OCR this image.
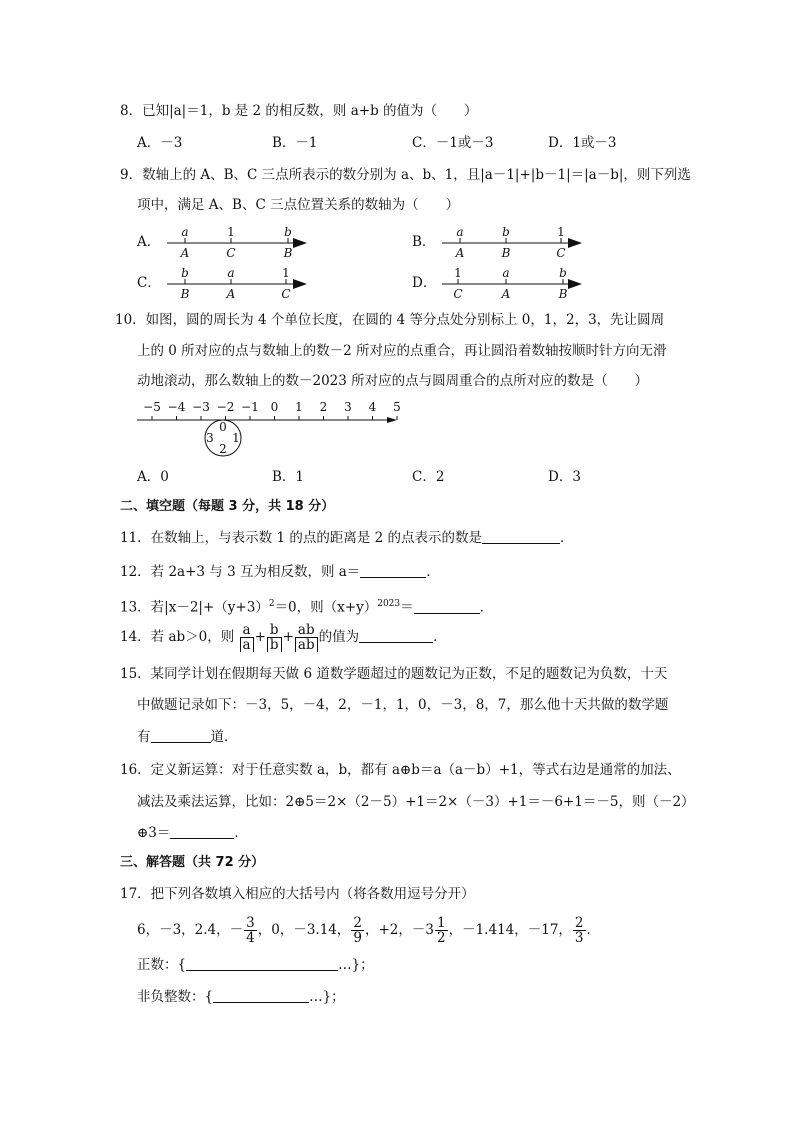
8．已知|a|＝1，b 是 2 的相反数，则 a+b 的值为（　　）
A．－3	B．－1	C．－1或－3	D．1或－3
9．数轴上的 A、B、C 三点所表示的数分别为 a、b、1，且|a－1|+|b－1|＝|a－b|，则下列选
项中，满足 A、B、C 三点位置关系的数轴为（　　）
A．	B．
C．	D．
a	1	b
A	C	B
a	b	1
A	B	C
b	a	1
B	A	C
1	a	b
C	A	B
10．如图，圆的周长为 4 个单位长度，在圆的 4 等分点处分别标上 0，1，2，3，先让圆周
上的 0 所对应的点与数轴上的数－2 所对应的点重合，再让圆沿着数轴按顺时针方向无滑
动地滚动，那么数轴上的数－2023 所对应的点与圆周重合的点所对应的数是（　　）
−5 −4 −3 −2 −1 0 1 2 3 4 5
0
1
2
3
A．0	B．1	C．2	D．3
二、填空题（每题 3 分，共 18 分）
11．在数轴上，与表示数 1 的点的距离是 2 的点表示的数是	．
12．若 2a+3 与 3 互为相反数，则 a＝	．
13．若$|x-2|+(y+3)^2=0$，则$(x+y)^{2023}=$	．
14．若 ab＞0，则 $\frac{a}{a} + \frac{b}{b} + \frac{ab}{ab}$ 的值为	．
15．某同学计划在假期每天做 6 道数学题超过的题数记为正数，不足的题数记为负数，十天
中做题记录如下：－3，5，－4，2，－1，1，0，－3，8，7，那么他十天共做的数学题
有	道．
16．定义新运算：对于任意实数 a，b，都有 a⊕b＝a（a－b）+1，等式右边是通常的加法、
减法及乘法运算，比如：2⊕5＝2×（2－5）+1＝2×（－3）+1＝－6+1＝－5，则（－2）
⊕3＝	．
三、解答题（共 72 分）
17．把下列各数填入相应的大括号内（将各数用逗号分开）
6，－3，2.4，－ $\frac{3}{4}$ ，0，－3.14， $\frac{2}{9}$ ，+2，$-3 \frac{1}{2}$ ，－1.414，－17， $\frac{2}{3}$ ．
正数：{	…}；
非负整数：{	…}；
